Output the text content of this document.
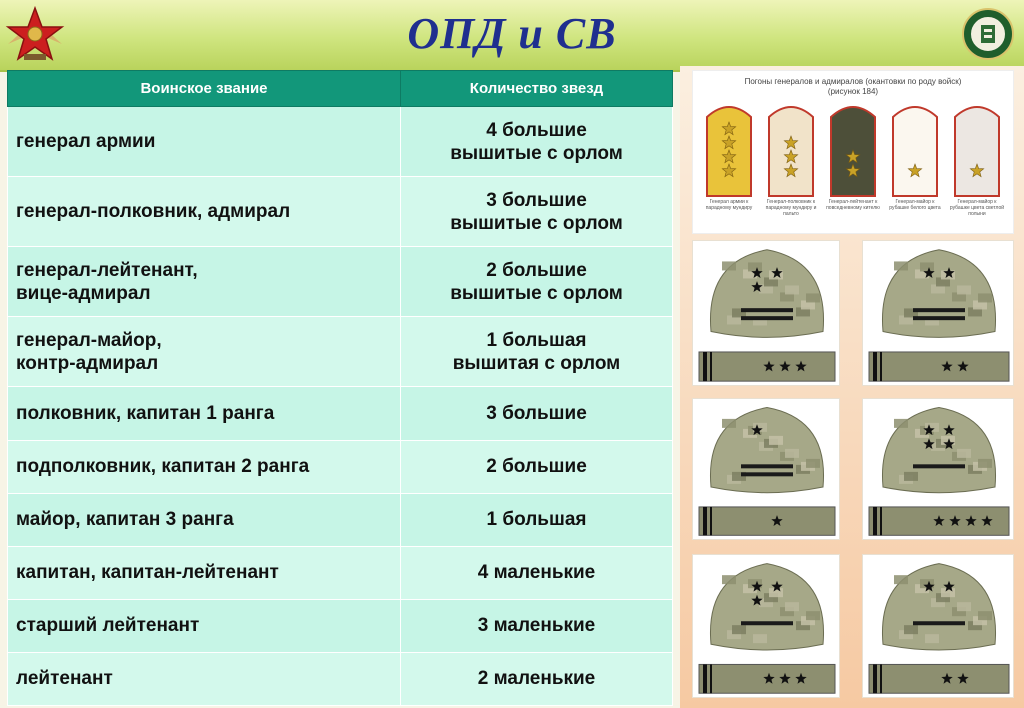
ОПД и СВ
Воинское звание	Количество звезд
генерал армии	4 большие
вышитые с орлом
генерал-полковник, адмирал	3 большие
вышитые с орлом
генерал-лейтенант,
вице-адмирал	2 большие
вышитые с орлом
генерал-майор,
контр-адмирал	1 большая
вышитая с орлом
полковник, капитан 1 ранга	3 большие
подполковник, капитан 2 ранга	2 большие
майор, капитан 3 ранга	1 большая
капитан, капитан-лейтенант	4 маленькие
старший лейтенант	3 маленькие
лейтенант	2 маленькие
Погоны генералов и адмиралов (окантовки по роду войск)
(рисунок 184)
Генерал армии к парадному мундиру
Генерал-полковник к парадному мундиру и пальто
Генерал-лейтенант к повседневному кителю
Генерал-майор к рубашке белого цвета
Генерал-майор к рубашке цвета светлой полыни
